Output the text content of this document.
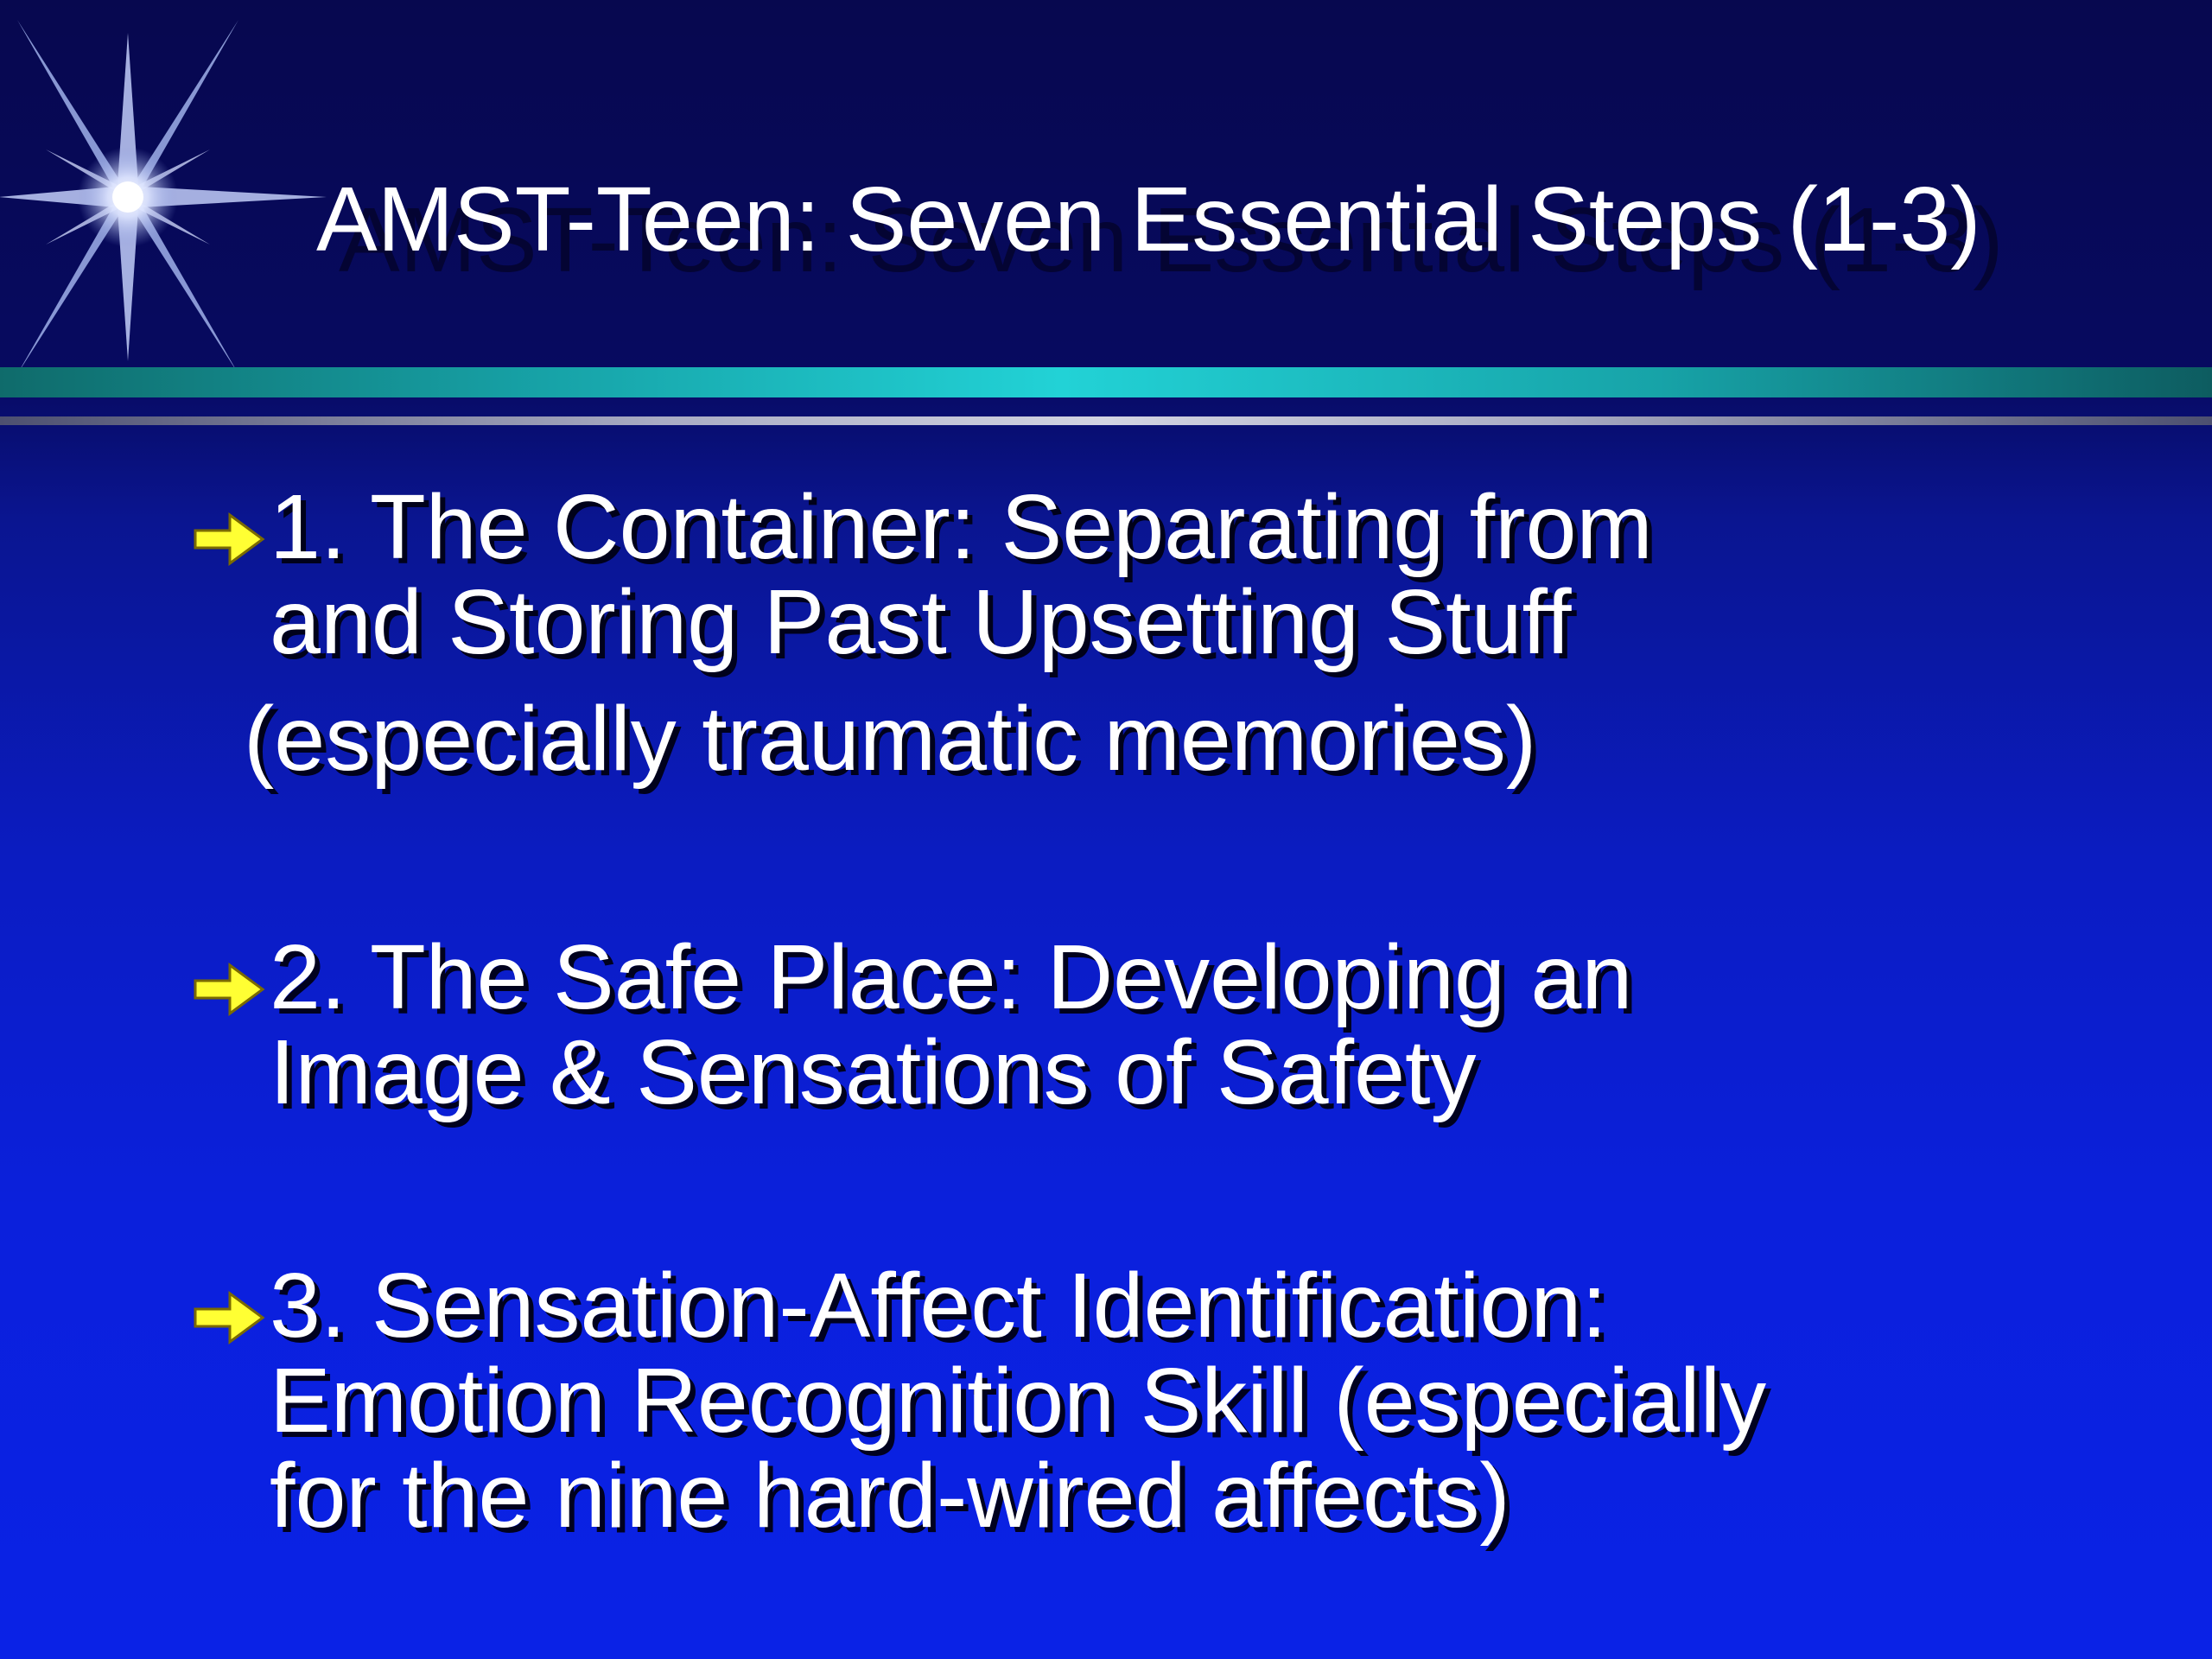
AMST-Teen: Seven Essential Steps (1-3)

1. The Container: Separating from
and Storing Past Upsetting Stuff

(especially traumatic memories)

2. The Safe Place: Developing an
Image & Sensations of Safety

3. Sensation-Affect Identification:
Emotion Recognition Skill (especially
for the nine hard-wired affects)
